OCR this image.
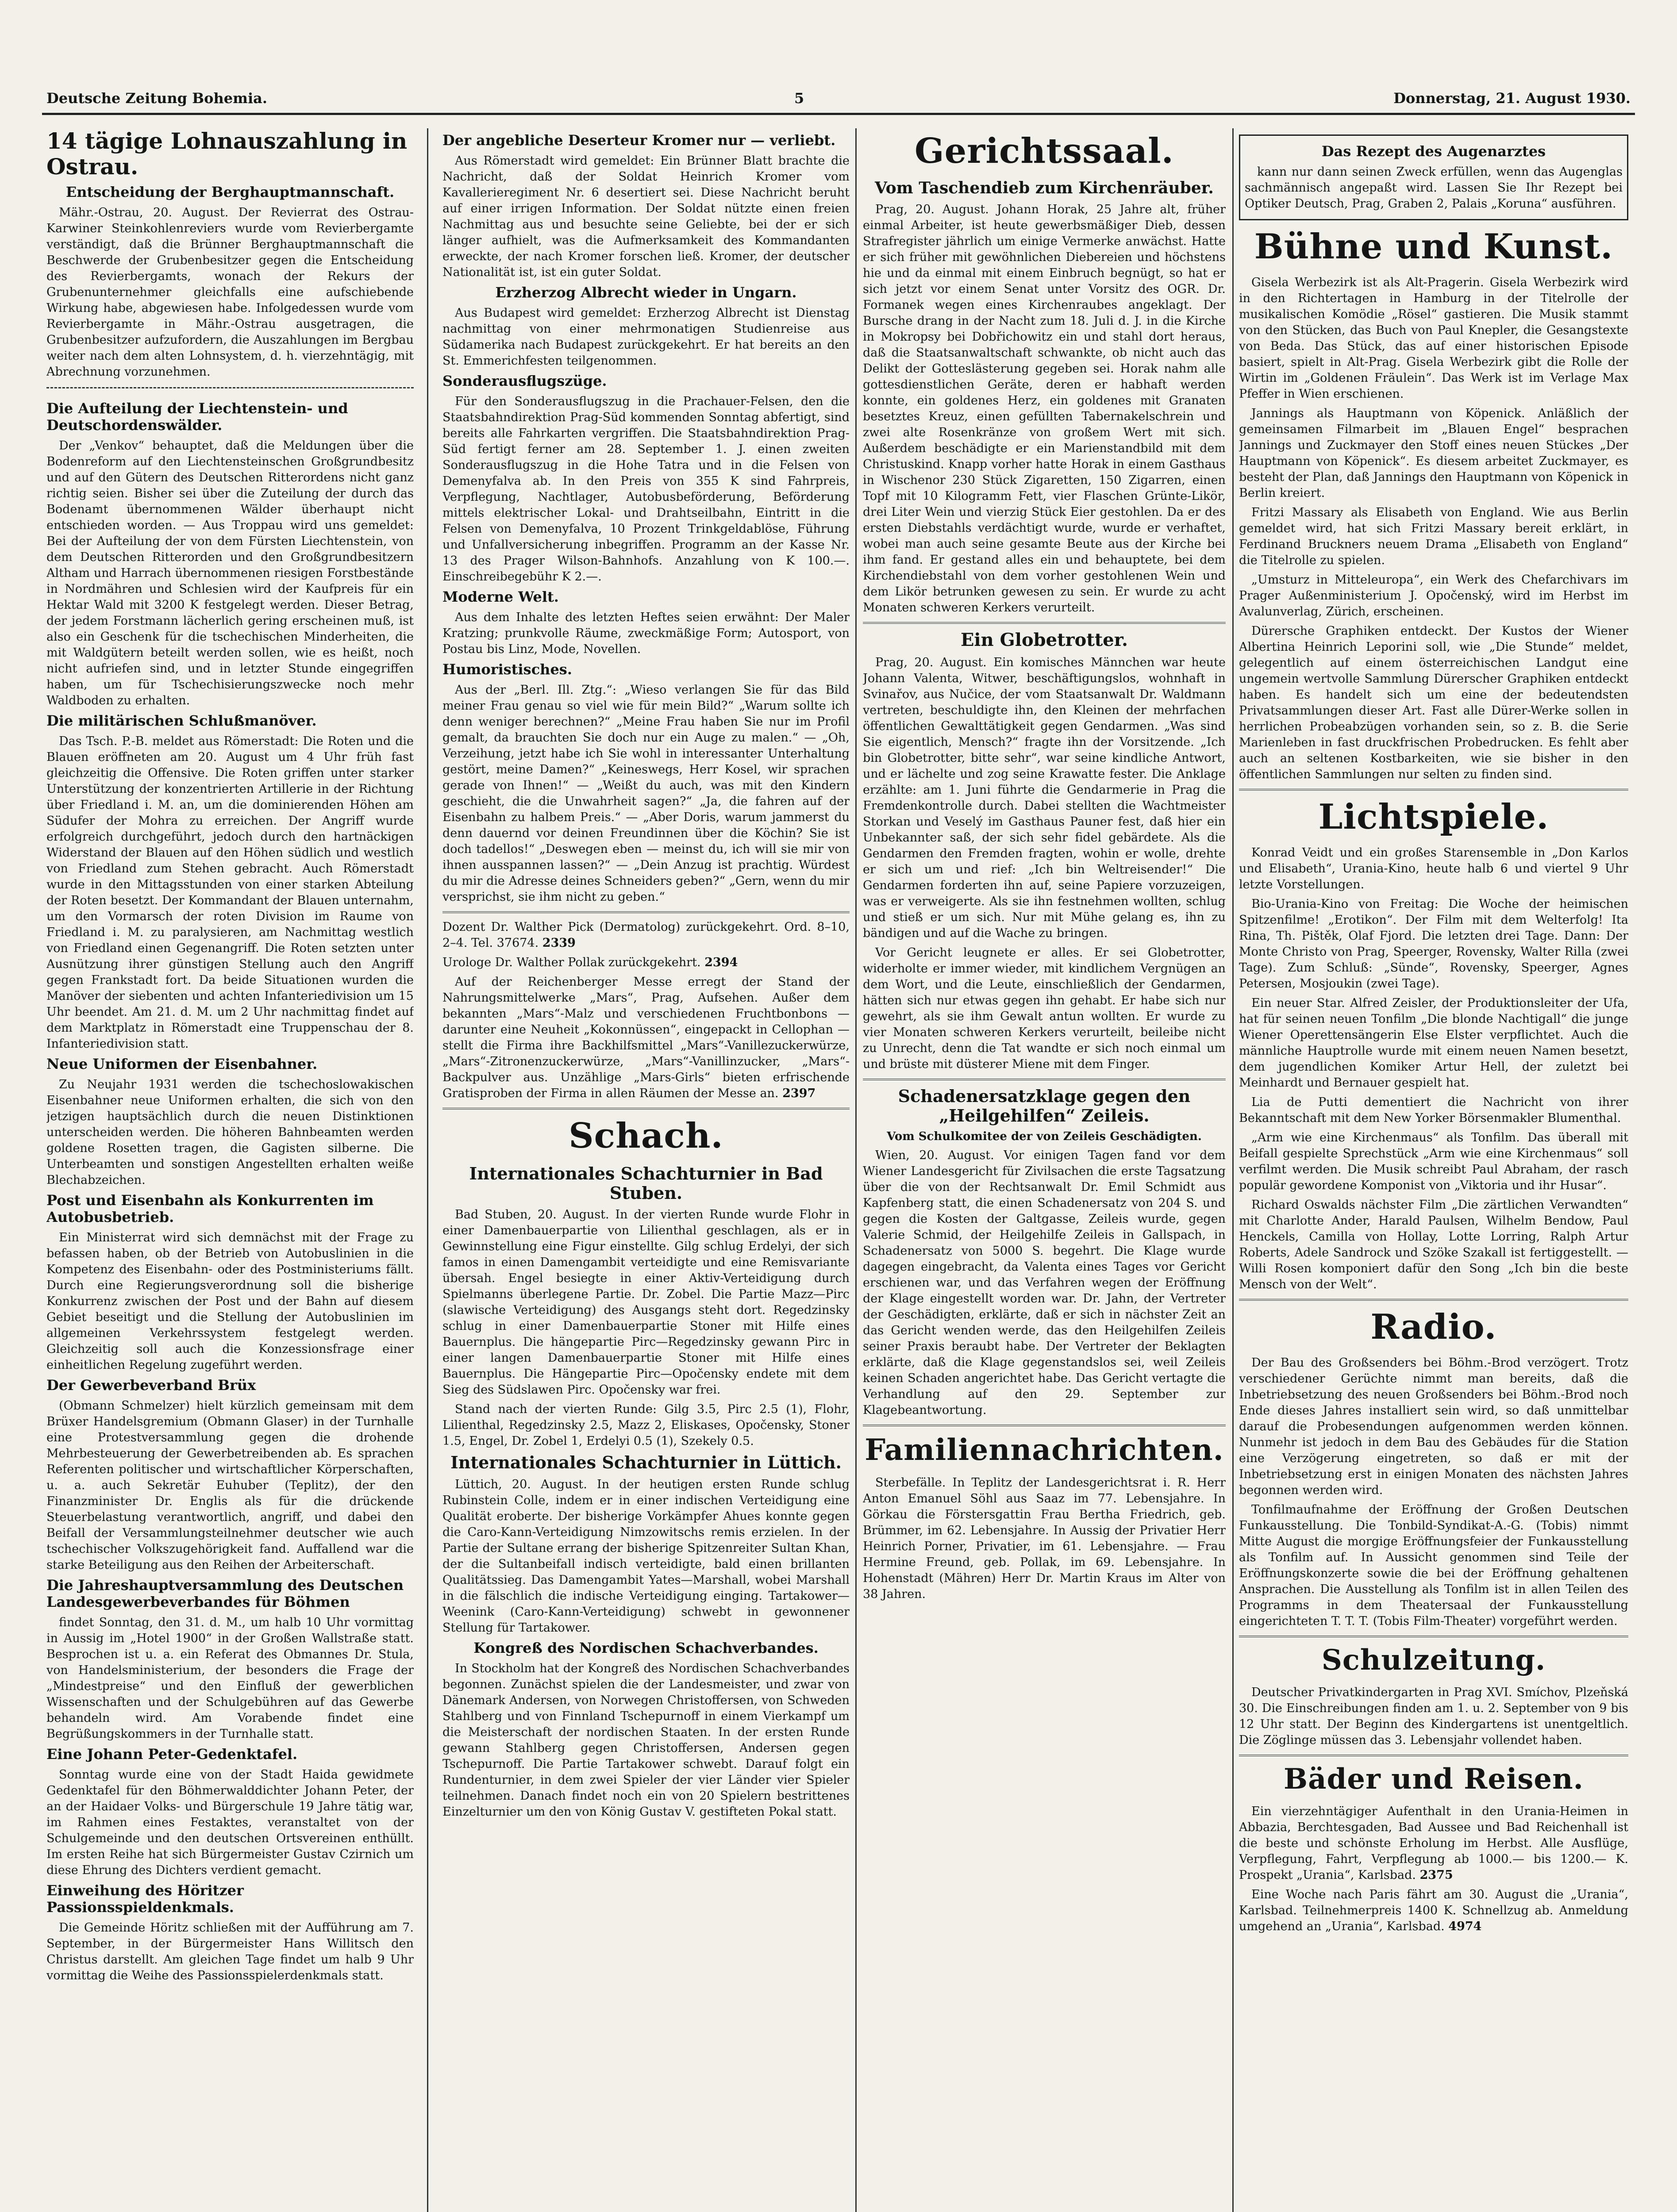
Deutsche Zeitung Bohemia.	5	Donnerstag, 21. August 1930.
14 tägige Lohnauszahlung in Ostrau.
Entscheidung der Berghauptmannschaft.

Mähr.-Ostrau, 20. August. Der Revierrat des Ostrau-Karwiner Steinkohlenreviers wurde vom Revierbergamte verständigt, daß die Brünner Berghauptmannschaft die Beschwerde der Grubenbesitzer gegen die Entscheidung des Revierbergamts, wonach der Rekurs der Grubenunternehmer gleichfalls eine aufschiebende Wirkung habe, abgewiesen habe. Infolgedessen wurde vom Revierbergamte in Mähr.-Ostrau ausgetragen, die Grubenbesitzer aufzufordern, die Auszahlungen im Bergbau weiter nach dem alten Lohnsystem, d. h. vierzehntägig, mit Abrechnung vorzunehmen.

Die Aufteilung der Liechtenstein- und Deutschordenswälder.

Der „Venkov“ behauptet, daß die Meldungen über die Bodenreform auf den Liechtensteinschen Großgrundbesitz und auf den Gütern des Deutschen Ritterordens nicht ganz richtig seien. Bisher sei über die Zuteilung der durch das Bodenamt übernommenen Wälder überhaupt nicht entschieden worden. — Aus Troppau wird uns gemeldet: Bei der Aufteilung der von dem Fürsten Liechtenstein, von dem Deutschen Ritterorden und den Großgrundbesitzern Altham und Harrach übernommenen riesigen Forstbestände in Nordmähren und Schlesien wird der Kaufpreis für ein Hektar Wald mit 3200 K festgelegt werden. Dieser Betrag, der jedem Forstmann lächerlich gering erscheinen muß, ist also ein Geschenk für die tschechischen Minderheiten, die mit Waldgütern beteilt werden sollen, wie es heißt, noch nicht aufriefen sind, und in letzter Stunde eingegriffen haben, um für Tschechisierungszwecke noch mehr Waldboden zu erhalten.

Die militärischen Schlußmanöver.

Das Tsch. P.-B. meldet aus Römerstadt: Die Roten und die Blauen eröffneten am 20. August um 4 Uhr früh fast gleichzeitig die Offensive. Die Roten griffen unter starker Unterstützung der konzentrierten Artillerie in der Richtung über Friedland i. M. an, um die dominierenden Höhen am Südufer der Mohra zu erreichen. Der Angriff wurde erfolgreich durchgeführt, jedoch durch den hartnäckigen Widerstand der Blauen auf den Höhen südlich und westlich von Friedland zum Stehen gebracht. Auch Römerstadt wurde in den Mittagsstunden von einer starken Abteilung der Roten besetzt. Der Kommandant der Blauen unternahm, um den Vormarsch der roten Division im Raume von Friedland i. M. zu paralysieren, am Nachmittag westlich von Friedland einen Gegenangriff. Die Roten setzten unter Ausnützung ihrer günstigen Stellung auch den Angriff gegen Frankstadt fort. Da beide Situationen wurden die Manöver der siebenten und achten Infanteriedivision um 15 Uhr beendet. Am 21. d. M. um 2 Uhr nachmittag findet auf dem Marktplatz in Römerstadt eine Truppenschau der 8. Infanteriedivision statt.

Neue Uniformen der Eisenbahner.

Zu Neujahr 1931 werden die tschechoslowakischen Eisenbahner neue Uniformen erhalten, die sich von den jetzigen hauptsächlich durch die neuen Distinktionen unterscheiden werden. Die höheren Bahnbeamten werden goldene Rosetten tragen, die Gagisten silberne. Die Unterbeamten und sonstigen Angestellten erhalten weiße Blechabzeichen.

Post und Eisenbahn als Konkurrenten im Autobusbetrieb.

Ein Ministerrat wird sich demnächst mit der Frage zu befassen haben, ob der Betrieb von Autobuslinien in die Kompetenz des Eisenbahn- oder des Postministeriums fällt. Durch eine Regierungsverordnung soll die bisherige Konkurrenz zwischen der Post und der Bahn auf diesem Gebiet beseitigt und die Stellung der Autobuslinien im allgemeinen Verkehrssystem festgelegt werden. Gleichzeitig soll auch die Konzessionsfrage einer einheitlichen Regelung zugeführt werden.

Der Gewerbeverband Brüx

(Obmann Schmelzer) hielt kürzlich gemeinsam mit dem Brüxer Handelsgremium (Obmann Glaser) in der Turnhalle eine Protestversammlung gegen die drohende Mehrbesteuerung der Gewerbetreibenden ab. Es sprachen Referenten politischer und wirtschaftlicher Körperschaften, u. a. auch Sekretär Euhuber (Teplitz), der den Finanzminister Dr. Englis als für die drückende Steuerbelastung verantwortlich, angriff, und dabei den Beifall der Versammlungsteilnehmer deutscher wie auch tschechischer Volkszugehörigkeit fand. Auffallend war die starke Beteiligung aus den Reihen der Arbeiterschaft.

Die Jahreshauptversammlung des Deutschen Landesgewerbeverbandes für Böhmen

findet Sonntag, den 31. d. M., um halb 10 Uhr vormittag in Aussig im „Hotel 1900“ in der Großen Wallstraße statt. Besprochen ist u. a. ein Referat des Obmannes Dr. Stula, von Handelsministerium, der besonders die Frage der „Mindestpreise“ und den Einfluß der gewerblichen Wissenschaften und der Schulgebühren auf das Gewerbe behandeln wird. Am Vorabende findet eine Begrüßungskommers in der Turnhalle statt.

Eine Johann Peter-Gedenktafel.

Sonntag wurde eine von der Stadt Haida gewidmete Gedenktafel für den Böhmerwalddichter Johann Peter, der an der Haidaer Volks- und Bürgerschule 19 Jahre tätig war, im Rahmen eines Festaktes, veranstaltet von der Schulgemeinde und den deutschen Ortsvereinen enthüllt. Im ersten Reihe hat sich Bürgermeister Gustav Czirnich um diese Ehrung des Dichters verdient gemacht.

Einweihung des Höritzer Passionsspieldenkmals.

Die Gemeinde Höritz schließen mit der Aufführung am 7. September, in der Bürgermeister Hans Willitsch den Christus darstellt. Am gleichen Tage findet um halb 9 Uhr vormittag die Weihe des Passionsspielerdenkmals statt.

Der angebliche Deserteur Kromer nur — verliebt.

Aus Römerstadt wird gemeldet: Ein Brünner Blatt brachte die Nachricht, daß der Soldat Heinrich Kromer vom Kavallerieregiment Nr. 6 desertiert sei. Diese Nachricht beruht auf einer irrigen Information. Der Soldat nützte einen freien Nachmittag aus und besuchte seine Geliebte, bei der er sich länger aufhielt, was die Aufmerksamkeit des Kommandanten erweckte, der nach Kromer forschen ließ. Kromer, der deutscher Nationalität ist, ist ein guter Soldat.

Erzherzog Albrecht wieder in Ungarn.

Aus Budapest wird gemeldet: Erzherzog Albrecht ist Dienstag nachmittag von einer mehrmonatigen Studienreise aus Südamerika nach Budapest zurückgekehrt. Er hat bereits an den St. Emmerichfesten teilgenommen.

Sonderausflugszüge.

Für den Sonderausflugszug in die Prachauer-Felsen, den die Staatsbahndirektion Prag-Süd kommenden Sonntag abfertigt, sind bereits alle Fahrkarten vergriffen. Die Staatsbahndirektion Prag-Süd fertigt ferner am 28. September 1. J. einen zweiten Sonderausflugszug in die Hohe Tatra und in die Felsen von Demenyfalva ab. In den Preis von 355 K sind Fahrpreis, Verpflegung, Nachtlager, Autobusbeförderung, Beförderung mittels elektrischer Lokal- und Drahtseilbahn, Eintritt in die Felsen von Demenyfalva, 10 Prozent Trinkgeldablöse, Führung und Unfallversicherung inbegriffen. Programm an der Kasse Nr. 13 des Prager Wilson-Bahnhofs. Anzahlung von K 100.—. Einschreibegebühr K 2.—.

Moderne Welt.

Aus dem Inhalte des letzten Heftes seien erwähnt: Der Maler Kratzing; prunkvolle Räume, zweckmäßige Form; Autosport, von Postau bis Linz, Mode, Novellen.

Humoristisches.

Aus der „Berl. Ill. Ztg.“: „Wieso verlangen Sie für das Bild meiner Frau genau so viel wie für mein Bild?“ „Warum sollte ich denn weniger berechnen?“ „Meine Frau haben Sie nur im Profil gemalt, da brauchten Sie doch nur ein Auge zu malen.“ — „Oh, Verzeihung, jetzt habe ich Sie wohl in interessanter Unterhaltung gestört, meine Damen?“ „Keineswegs, Herr Kosel, wir sprachen gerade von Ihnen!“ — „Weißt du auch, was mit den Kindern geschieht, die die Unwahrheit sagen?“ „Ja, die fahren auf der Eisenbahn zu halbem Preis.“ — „Aber Doris, warum jammerst du denn dauernd vor deinen Freundinnen über die Köchin? Sie ist doch tadellos!“ „Deswegen eben — meinst du, ich will sie mir von ihnen ausspannen lassen?“ — „Dein Anzug ist prachtig. Würdest du mir die Adresse deines Schneiders geben?“ „Gern, wenn du mir versprichst, sie ihm nicht zu geben.“

Dozent Dr. Walther Pick (Dermatolog) zurückgekehrt. Ord. 8–10, 2–4. Tel. 37674. 2339

Urologe Dr. Walther Pollak zurückgekehrt. 2394

Auf der Reichenberger Messe erregt der Stand der Nahrungsmittelwerke „Mars“, Prag, Aufsehen. Außer dem bekannten „Mars“-Malz und verschiedenen Fruchtbonbons — darunter eine Neuheit „Kokonnüssen“, eingepackt in Cellophan — stellt die Firma ihre Backhilfsmittel „Mars“-Vanillezuckerwürze, „Mars“-Zitronenzuckerwürze, „Mars“-Vanillinzucker, „Mars“-Backpulver aus. Unzählige „Mars-Girls“ bieten erfrischende Gratisproben der Firma in allen Räumen der Messe an. 2397

Schach.
Internationales Schachturnier in Bad Stuben.

Bad Stuben, 20. August. In der vierten Runde wurde Flohr in einer Damenbauerpartie von Lilienthal geschlagen, als er in Gewinnstellung eine Figur einstellte. Gilg schlug Erdelyi, der sich famos in einen Damengambit verteidigte und eine Remisvariante übersah. Engel besiegte in einer Aktiv-Verteidigung durch Spielmanns überlegene Partie. Dr. Zobel. Die Partie Mazz—Pirc (slawische Verteidigung) des Ausgangs steht dort. Regedzinsky schlug in einer Damenbauerpartie Stoner mit Hilfe eines Bauernplus. Die hängepartie Pirc—Regedzinsky gewann Pirc in einer langen Damenbauerpartie Stoner mit Hilfe eines Bauernplus. Die Hängepartie Pirc—Opočensky endete mit dem Sieg des Südslawen Pirc. Opočensky war frei.

Stand nach der vierten Runde: Gilg 3.5, Pirc 2.5 (1), Flohr, Lilienthal, Regedzinsky 2.5, Mazz 2, Eliskases, Opočensky, Stoner 1.5, Engel, Dr. Zobel 1, Erdelyi 0.5 (1), Szekely 0.5.

Internationales Schachturnier in Lüttich.

Lüttich, 20. August. In der heutigen ersten Runde schlug Rubinstein Colle, indem er in einer indischen Verteidigung eine Qualität eroberte. Der bisherige Vorkämpfer Ahues konnte gegen die Caro-Kann-Verteidigung Nimzowitschs remis erzielen. In der Partie der Sultane errang der bisherige Spitzenreiter Sultan Khan, der die Sultanbeifall indisch verteidigte, bald einen brillanten Qualitätssieg. Das Damengambit Yates—Marshall, wobei Marshall in die fälschlich die indische Verteidigung einging. Tartakower—Weenink (Caro-Kann-Verteidigung) schwebt in gewonnener Stellung für Tartakower.

Kongreß des Nordischen Schachverbandes.

In Stockholm hat der Kongreß des Nordischen Schachverbandes begonnen. Zunächst spielen die der Landesmeister, und zwar von Dänemark Andersen, von Norwegen Christoffersen, von Schweden Stahlberg und von Finnland Tschepurnoff in einem Vierkampf um die Meisterschaft der nordischen Staaten. In der ersten Runde gewann Stahlberg gegen Christoffersen, Andersen gegen Tschepurnoff. Die Partie Tartakower schwebt. Darauf folgt ein Rundenturnier, in dem zwei Spieler der vier Länder vier Spieler teilnehmen. Danach findet noch ein von 20 Spielern bestrittenes Einzelturnier um den von König Gustav V. gestifteten Pokal statt.

Gerichtssaal.
Vom Taschendieb zum Kirchenräuber.

Prag, 20. August. Johann Horak, 25 Jahre alt, früher einmal Arbeiter, ist heute gewerbsmäßiger Dieb, dessen Strafregister jährlich um einige Vermerke anwächst. Hatte er sich früher mit gewöhnlichen Diebereien und höchstens hie und da einmal mit einem Einbruch begnügt, so hat er sich jetzt vor einem Senat unter Vorsitz des OGR. Dr. Formanek wegen eines Kirchenraubes angeklagt. Der Bursche drang in der Nacht zum 18. Juli d. J. in die Kirche in Mokropsy bei Dobřichowitz ein und stahl dort heraus, daß die Staatsanwaltschaft schwankte, ob nicht auch das Delikt der Gotteslästerung gegeben sei. Horak nahm alle gottesdienstlichen Geräte, deren er habhaft werden konnte, ein goldenes Herz, ein goldenes mit Granaten besetztes Kreuz, einen gefüllten Tabernakelschrein und zwei alte Rosenkränze von großem Wert mit sich. Außerdem beschädigte er ein Marienstandbild mit dem Christuskind. Knapp vorher hatte Horak in einem Gasthaus in Wischenor 230 Stück Zigaretten, 150 Zigarren, einen Topf mit 10 Kilogramm Fett, vier Flaschen Grünte-Likör, drei Liter Wein und vierzig Stück Eier gestohlen. Da er des ersten Diebstahls verdächtigt wurde, wurde er verhaftet, wobei man auch seine gesamte Beute aus der Kirche bei ihm fand. Er gestand alles ein und behauptete, bei dem Kirchendiebstahl von dem vorher gestohlenen Wein und dem Likör betrunken gewesen zu sein. Er wurde zu acht Monaten schweren Kerkers verurteilt.

Ein Globetrotter.

Prag, 20. August. Ein komisches Männchen war heute Johann Valenta, Witwer, beschäftigungslos, wohnhaft in Svinařov, aus Nučice, der vom Staatsanwalt Dr. Waldmann vertreten, beschuldigte ihn, den Kleinen der mehrfachen öffentlichen Gewalttätigkeit gegen Gendarmen. „Was sind Sie eigentlich, Mensch?“ fragte ihn der Vorsitzende. „Ich bin Globetrotter, bitte sehr“, war seine kindliche Antwort, und er lächelte und zog seine Krawatte fester. Die Anklage erzählte: am 1. Juni führte die Gendarmerie in Prag die Fremdenkontrolle durch. Dabei stellten die Wachtmeister Storkan und Veselý im Gasthaus Pauner fest, daß hier ein Unbekannter saß, der sich sehr fidel gebärdete. Als die Gendarmen den Fremden fragten, wohin er wolle, drehte er sich um und rief: „Ich bin Weltreisender!“ Die Gendarmen forderten ihn auf, seine Papiere vorzuzeigen, was er verweigerte. Als sie ihn festnehmen wollten, schlug und stieß er um sich. Nur mit Mühe gelang es, ihn zu bändigen und auf die Wache zu bringen.

Vor Gericht leugnete er alles. Er sei Globetrotter, widerholte er immer wieder, mit kindlichem Vergnügen an dem Wort, und die Leute, einschließlich der Gendarmen, hätten sich nur etwas gegen ihn gehabt. Er habe sich nur gewehrt, als sie ihm Gewalt antun wollten. Er wurde zu vier Monaten schweren Kerkers verurteilt, beileibe nicht zu Unrecht, denn die Tat wandte er sich noch einmal um und brüste mit düsterer Miene mit dem Finger.

Schadenersatzklage gegen den „Heilgehilfen“ Zeileis.
Vom Schulkomitee der von Zeileis Geschädigten.

Wien, 20. August. Vor einigen Tagen fand vor dem Wiener Landesgericht für Zivilsachen die erste Tagsatzung über die von der Rechtsanwalt Dr. Emil Schmidt aus Kapfenberg statt, die einen Schadenersatz von 204 S. und gegen die Kosten der Galtgasse, Zeileis wurde, gegen Valerie Schmid, der Heilgehilfe Zeileis in Gallspach, in Schadenersatz von 5000 S. begehrt. Die Klage wurde dagegen eingebracht, da Valenta eines Tages vor Gericht erschienen war, und das Verfahren wegen der Eröffnung der Klage eingestellt worden war. Dr. Jahn, der Vertreter der Geschädigten, erklärte, daß er sich in nächster Zeit an das Gericht wenden werde, das den Heilgehilfen Zeileis seiner Praxis beraubt habe. Der Vertreter der Beklagten erklärte, daß die Klage gegenstandslos sei, weil Zeileis keinen Schaden angerichtet habe. Das Gericht vertagte die Verhandlung auf den 29. September zur Klagebeantwortung.

Familiennachrichten.

Sterbefälle. In Teplitz der Landesgerichtsrat i. R. Herr Anton Emanuel Söhl aus Saaz im 77. Lebensjahre. In Görkau die Förstersgattin Frau Bertha Friedrich, geb. Brümmer, im 62. Lebensjahre. In Aussig der Privatier Herr Heinrich Porner, Privatier, im 61. Lebensjahre. — Frau Hermine Freund, geb. Pollak, im 69. Lebensjahre. In Hohenstadt (Mähren) Herr Dr. Martin Kraus im Alter von 38 Jahren.

Das Rezept des Augenarztes

kann nur dann seinen Zweck erfüllen, wenn das Augenglas sachmännisch angepaßt wird. Lassen Sie Ihr Rezept bei Optiker Deutsch, Prag, Graben 2, Palais „Koruna“ ausführen.

Bühne und Kunst.

Gisela Werbezirk ist als Alt-Pragerin. Gisela Werbezirk wird in den Richtertagen in Hamburg in der Titelrolle der musikalischen Komödie „Rösel“ gastieren. Die Musik stammt von den Stücken, das Buch von Paul Knepler, die Gesangstexte von Beda. Das Stück, das auf einer historischen Episode basiert, spielt in Alt-Prag. Gisela Werbezirk gibt die Rolle der Wirtin im „Goldenen Fräulein“. Das Werk ist im Verlage Max Pfeffer in Wien erschienen.

Jannings als Hauptmann von Köpenick. Anläßlich der gemeinsamen Filmarbeit im „Blauen Engel“ besprachen Jannings und Zuckmayer den Stoff eines neuen Stückes „Der Hauptmann von Köpenick“. Es diesem arbeitet Zuckmayer, es besteht der Plan, daß Jannings den Hauptmann von Köpenick in Berlin kreiert.

Fritzi Massary als Elisabeth von England. Wie aus Berlin gemeldet wird, hat sich Fritzi Massary bereit erklärt, in Ferdinand Bruckners neuem Drama „Elisabeth von England“ die Titelrolle zu spielen.

„Umsturz in Mitteleuropa“, ein Werk des Chefarchivars im Prager Außenministerium J. Opočenský, wird im Herbst im Avalunverlag, Zürich, erscheinen.

Dürersche Graphiken entdeckt. Der Kustos der Wiener Albertina Heinrich Leporini soll, wie „Die Stunde“ meldet, gelegentlich auf einem österreichischen Landgut eine ungemein wertvolle Sammlung Dürerscher Graphiken entdeckt haben. Es handelt sich um eine der bedeutendsten Privatsammlungen dieser Art. Fast alle Dürer-Werke sollen in herrlichen Probeabzügen vorhanden sein, so z. B. die Serie Marienleben in fast druckfrischen Probedrucken. Es fehlt aber auch an seltenen Kostbarkeiten, wie sie bisher in den öffentlichen Sammlungen nur selten zu finden sind.

Lichtspiele.

Konrad Veidt und ein großes Starensemble in „Don Karlos und Elisabeth“, Urania-Kino, heute halb 6 und viertel 9 Uhr letzte Vorstellungen.

Bio-Urania-Kino von Freitag: Die Woche der heimischen Spitzenfilme! „Erotikon“. Der Film mit dem Welterfolg! Ita Rina, Th. Pištěk, Olaf Fjord. Die letzten drei Tage. Dann: Der Monte Christo von Prag, Speerger, Rovensky, Walter Rilla (zwei Tage). Zum Schluß: „Sünde“, Rovensky, Speerger, Agnes Petersen, Mosjoukin (zwei Tage).

Ein neuer Star. Alfred Zeisler, der Produktionsleiter der Ufa, hat für seinen neuen Tonfilm „Die blonde Nachtigall“ die junge Wiener Operettensängerin Else Elster verpflichtet. Auch die männliche Hauptrolle wurde mit einem neuen Namen besetzt, dem jugendlichen Komiker Artur Hell, der zuletzt bei Meinhardt und Bernauer gespielt hat.

Lia de Putti dementiert die Nachricht von ihrer Bekanntschaft mit dem New Yorker Börsenmakler Blumenthal.

„Arm wie eine Kirchenmaus“ als Tonfilm. Das überall mit Beifall gespielte Sprechstück „Arm wie eine Kirchenmaus“ soll verfilmt werden. Die Musik schreibt Paul Abraham, der rasch populär gewordene Komponist von „Viktoria und ihr Husar“.

Richard Oswalds nächster Film „Die zärtlichen Verwandten“ mit Charlotte Ander, Harald Paulsen, Wilhelm Bendow, Paul Henckels, Camilla von Hollay, Lotte Lorring, Ralph Artur Roberts, Adele Sandrock und Szöke Szakall ist fertiggestellt. — Willi Rosen komponiert dafür den Song „Ich bin die beste Mensch von der Welt“.

Radio.

Der Bau des Großsenders bei Böhm.-Brod verzögert. Trotz verschiedener Gerüchte nimmt man bereits, daß die Inbetriebsetzung des neuen Großsenders bei Böhm.-Brod noch Ende dieses Jahres installiert sein wird, so daß unmittelbar darauf die Probesendungen aufgenommen werden können. Nunmehr ist jedoch in dem Bau des Gebäudes für die Station eine Verzögerung eingetreten, so daß er mit der Inbetriebsetzung erst in einigen Monaten des nächsten Jahres begonnen werden wird.

Tonfilmaufnahme der Eröffnung der Großen Deutschen Funkausstellung. Die Tonbild-Syndikat-A.-G. (Tobis) nimmt Mitte August die morgige Eröffnungsfeier der Funkausstellung als Tonfilm auf. In Aussicht genommen sind Teile der Eröffnungskonzerte sowie die bei der Eröffnung gehaltenen Ansprachen. Die Ausstellung als Tonfilm ist in allen Teilen des Programms in dem Theatersaal der Funkausstellung eingerichteten T. T. T. (Tobis Film-Theater) vorgeführt werden.

Schulzeitung.

Deutscher Privatkindergarten in Prag XVI. Smíchov, Plzeňská 30. Die Einschreibungen finden am 1. u. 2. September von 9 bis 12 Uhr statt. Der Beginn des Kindergartens ist unentgeltlich. Die Zöglinge müssen das 3. Lebensjahr vollendet haben.

Bäder und Reisen.

Ein vierzehntägiger Aufenthalt in den Urania-Heimen in Abbazia, Berchtesgaden, Bad Aussee und Bad Reichenhall ist die beste und schönste Erholung im Herbst. Alle Ausflüge, Verpflegung, Fahrt, Verpflegung ab 1000.— bis 1200.— K. Prospekt „Urania“, Karlsbad. 2375

Eine Woche nach Paris fährt am 30. August die „Urania“, Karlsbad. Teilnehmerpreis 1400 K. Schnellzug ab. Anmeldung umgehend an „Urania“, Karlsbad. 4974
